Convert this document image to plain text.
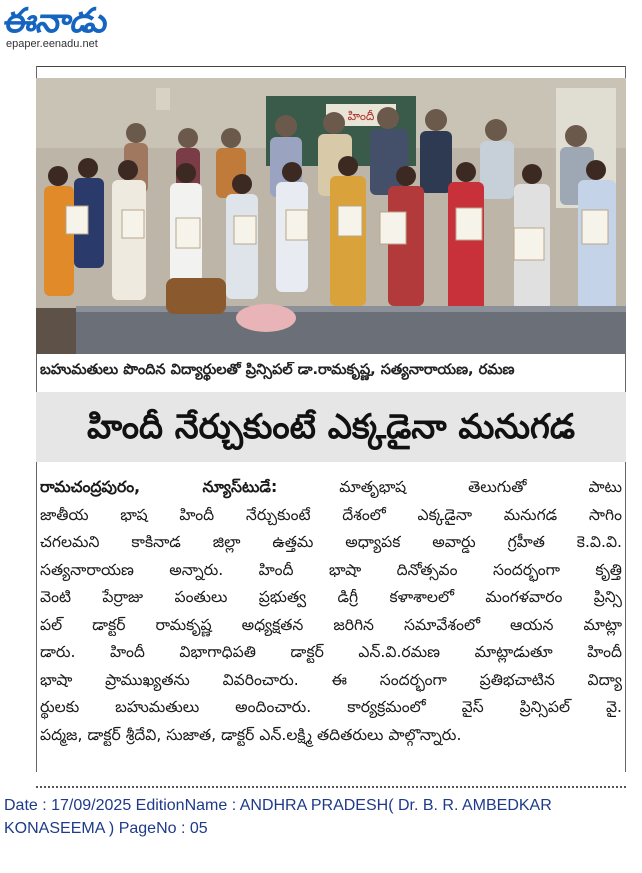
ఈనాడు
epaper.eenadu.net
హిందీ
బహుమతులు పొందిన విద్యార్థులతో ప్రిన్సిపల్ డా.రామకృష్ణ, సత్యనారాయణ, రమణ
హిందీ నేర్చుకుంటే ఎక్కడైనా మనుగడ
రామచంద్రపురం, న్యూస్‌టుడే: మాతృభాష తెలుగుతో పాటు
జాతీయ భాష హిందీ నేర్చుకుంటే దేశంలో ఎక్కడైనా మనుగడ సాగిం
చగలమని కాకినాడ జిల్లా ఉత్తమ అధ్యాపక అవార్డు గ్రహీత కె.వి.వి.
సత్యనారాయణ అన్నారు. హిందీ భాషా దినోత్సవం సందర్భంగా కృత్తి
వెంటి పేర్రాజు పంతులు ప్రభుత్వ డిగ్రీ కళాశాలలో మంగళవారం ప్రిన్సి
పల్ డాక్టర్ రామకృష్ణ అధ్యక్షతన జరిగిన సమావేశంలో ఆయన మాట్లా
డారు. హిందీ విభాగాధిపతి డాక్టర్ ఎన్.వి.రమణ మాట్లాడుతూ హిందీ
భాషా ప్రాముఖ్యతను వివరించారు. ఈ సందర్భంగా ప్రతిభచాటిన విద్యా
ర్థులకు బహుమతులు అందించారు. కార్యక్రమంలో వైస్ ప్రిన్సిపల్ వై.
పద్మజ, డాక్టర్ శ్రీదేవి, సుజాత, డాక్టర్ ఎన్.లక్ష్మి తదితరులు పాల్గొన్నారు.
Date : 17/09/2025 EditionName : ANDHRA PRADESH( Dr. B. R. AMBEDKAR
KONASEEMA ) PageNo : 05
